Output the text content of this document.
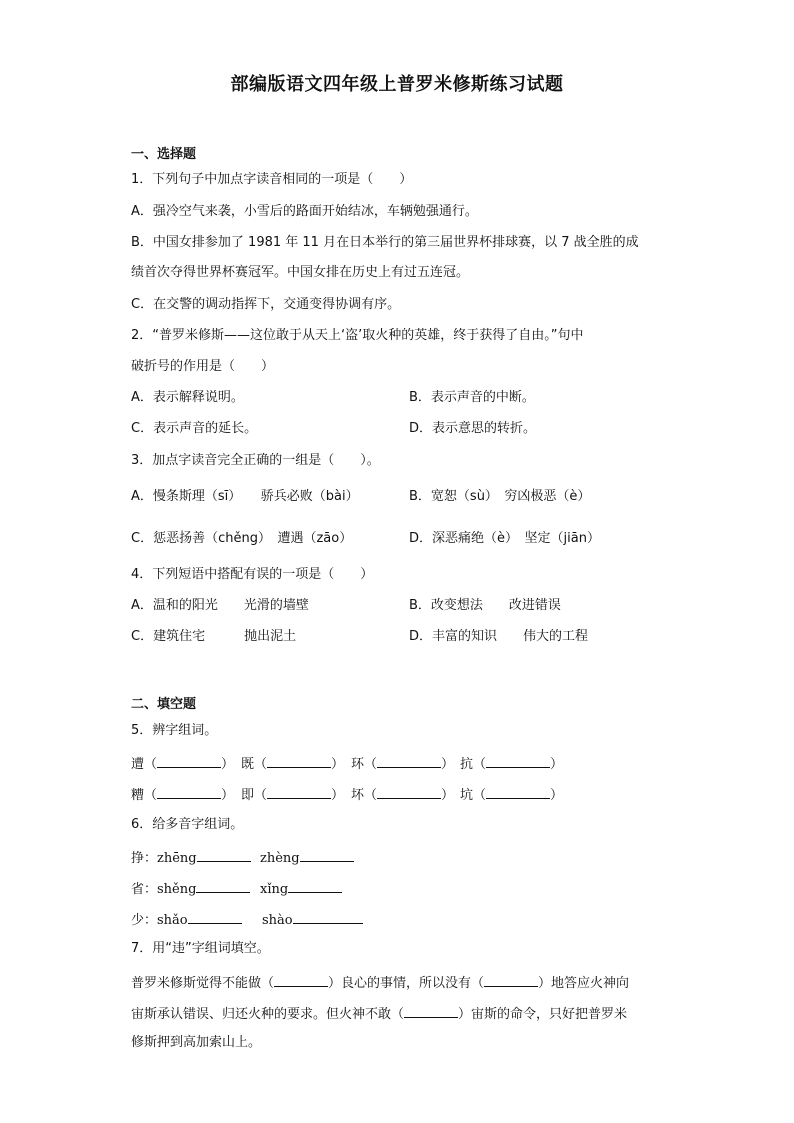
部编版语文四年级上普罗米修斯练习试题
一、选择题
1．下列句子中加点字读音相同的一项是（　　）
A．强冷空气来袭，小雪后的路面开始结冰，车辆勉强通行。
B．中国女排参加了 1981 年 11 月在日本举行的第三届世界杯排球赛，以 7 战全胜的成
绩首次夺得世界杯赛冠军。中国女排在历史上有过五连冠。
C．在交警的调动指挥下，交通变得协调有序。
2．“普罗米修斯——这位敢于从天上‘盗’取火种的英雄，终于获得了自由。”句中
破折号的作用是（　　）
A．表示解释说明。	B．表示声音的中断。
C．表示声音的延长。	D．表示意思的转折。
3．加点字读音完全正确的一组是（　　）。
A．慢条斯理（sī）　　骄兵必败（bài）	B．宽恕（sù）　穷凶极恶（è）
C．惩恶扬善（chěng）　遭遇（zāo）	D．深恶痛绝（è）　坚定（jiān）
4．下列短语中搭配有误的一项是（　　）
A．温和的阳光　　光滑的墙壁	B．改变想法　　改进错误
C．建筑住宅　　　抛出泥土	D．丰富的知识　　伟大的工程
二、填空题
5．辨字组词。
遭（	） 既（	） 环（	） 抗（	）
糟（	） 即（	） 坏（	） 坑（	）
6．给多音字组词。
挣：zhēng	zhèng
省：shěng	xǐng
少：shǎo	shào
7．用“违”字组词填空。
普罗米修斯觉得不能做（	）良心的事情，所以没有（	）地答应火神向
宙斯承认错误、归还火种的要求。但火神不敢（	）宙斯的命令，只好把普罗米
修斯押到高加索山上。
